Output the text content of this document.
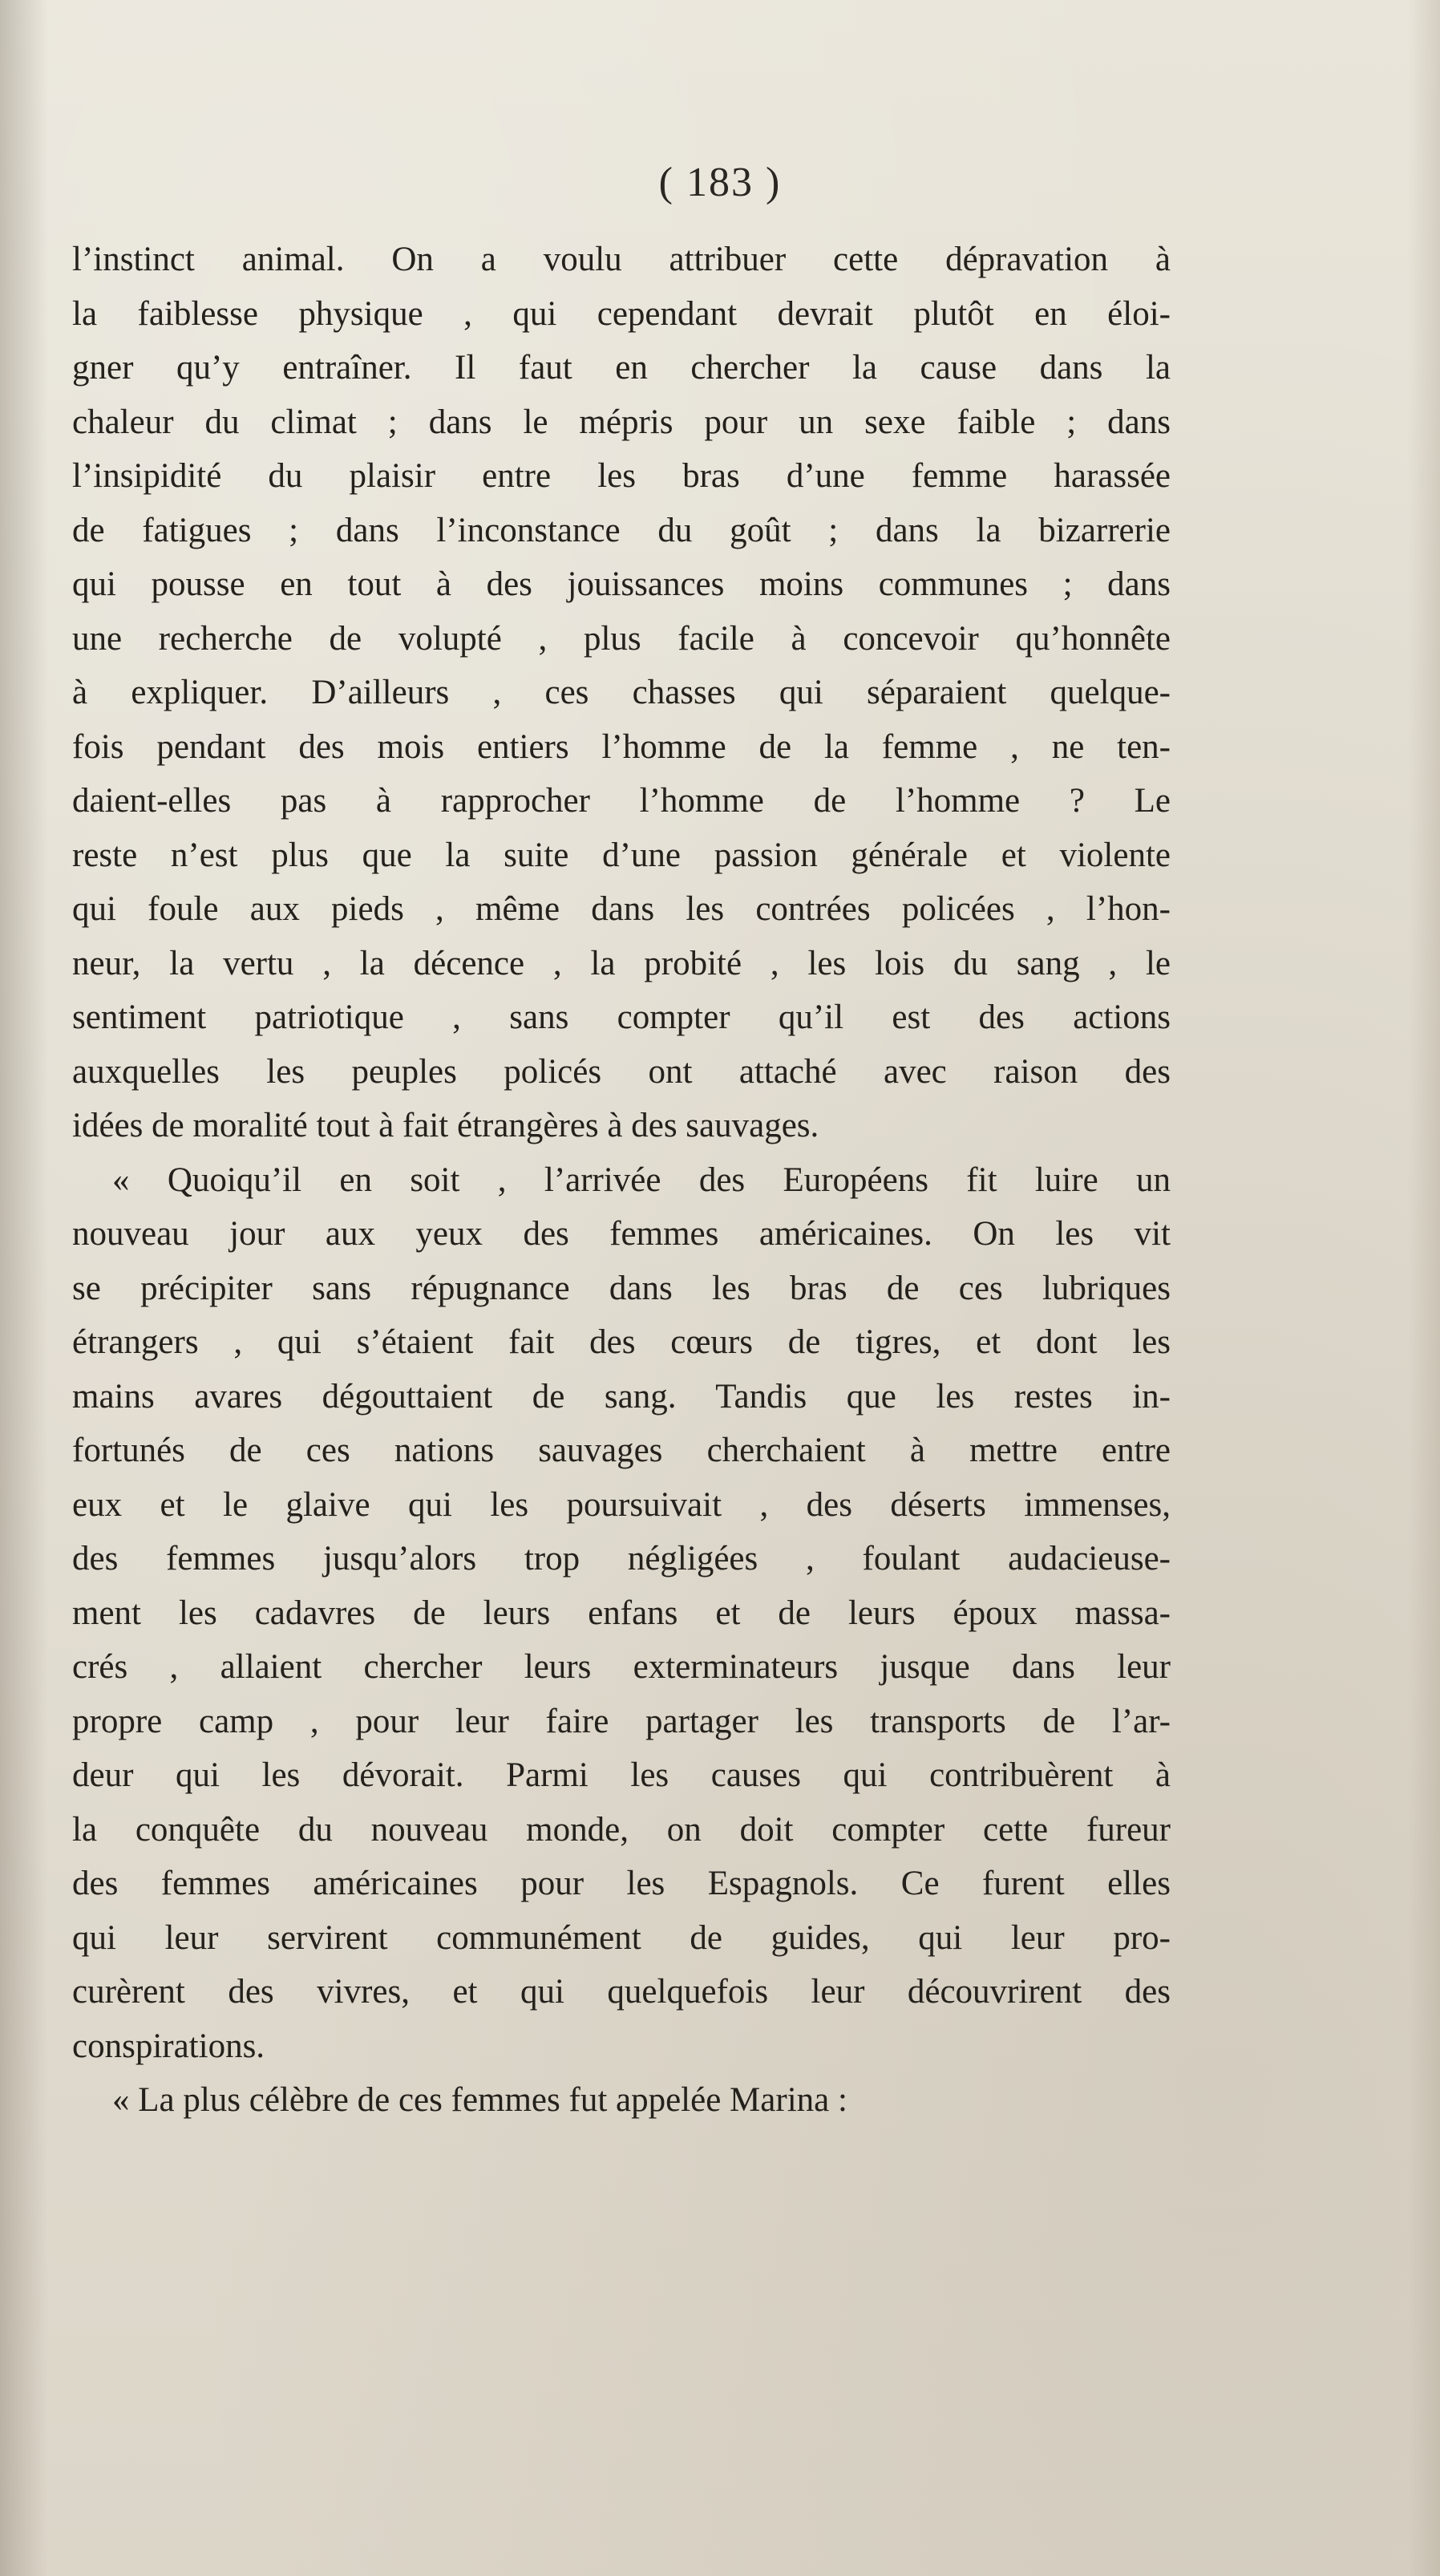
( 183 )
l’instinct animal. On a voulu attribuer cette dépravation à
la faiblesse physique , qui cependant devrait plutôt en éloi-
gner qu’y entraîner. Il faut en chercher la cause dans la
chaleur du climat ; dans le mépris pour un sexe faible ; dans
l’insipidité du plaisir entre les bras d’une femme harassée
de fatigues ; dans l’inconstance du goût ; dans la bizarrerie
qui pousse en tout à des jouissances moins communes ; dans
une recherche de volupté , plus facile à concevoir qu’honnête
à expliquer. D’ailleurs , ces chasses qui séparaient quelque-
fois pendant des mois entiers l’homme de la femme , ne ten-
daient-elles pas à rapprocher l’homme de l’homme ? Le
reste n’est plus que la suite d’une passion générale et violente
qui foule aux pieds , même dans les contrées policées , l’hon-
neur, la vertu , la décence , la probité , les lois du sang , le
sentiment patriotique , sans compter qu’il est des actions
auxquelles les peuples policés ont attaché avec raison des
idées de moralité tout à fait étrangères à des sauvages.
« Quoiqu’il en soit , l’arrivée des Européens fit luire un
nouveau jour aux yeux des femmes américaines. On les vit
se précipiter sans répugnance dans les bras de ces lubriques
étrangers , qui s’étaient fait des cœurs de tigres, et dont les
mains avares dégouttaient de sang. Tandis que les restes in-
fortunés de ces nations sauvages cherchaient à mettre entre
eux et le glaive qui les poursuivait , des déserts immenses,
des femmes jusqu’alors trop négligées , foulant audacieuse-
ment les cadavres de leurs enfans et de leurs époux massa-
crés , allaient chercher leurs exterminateurs jusque dans leur
propre camp , pour leur faire partager les transports de l’ar-
deur qui les dévorait. Parmi les causes qui contribuèrent à
la conquête du nouveau monde, on doit compter cette fureur
des femmes américaines pour les Espagnols. Ce furent elles
qui leur servirent communément de guides, qui leur pro-
curèrent des vivres, et qui quelquefois leur découvrirent des
conspirations.
« La plus célèbre de ces femmes fut appelée Marina :
